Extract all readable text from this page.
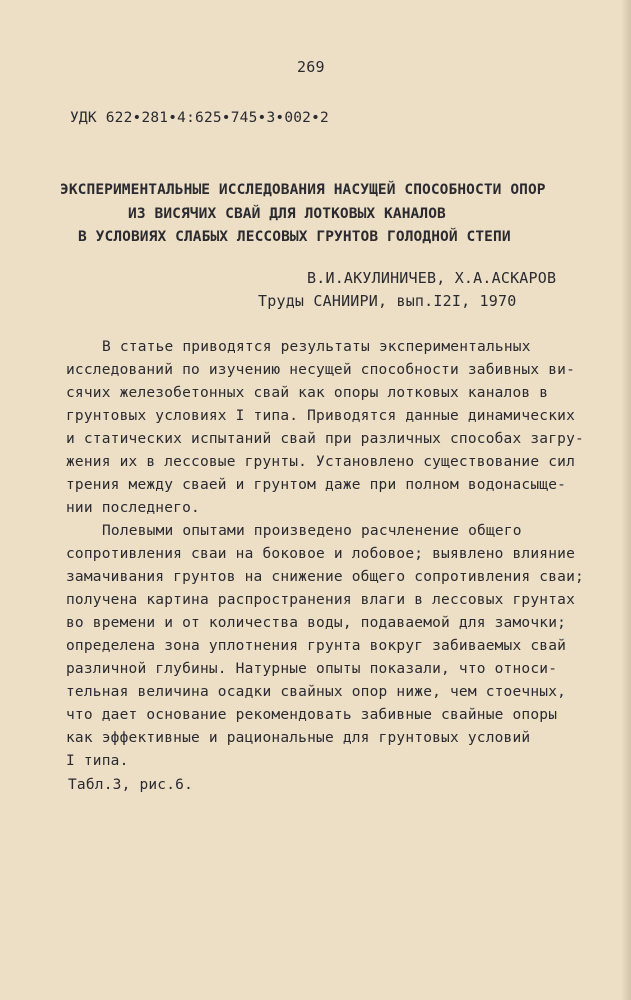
269
УДК 622•281•4:625•745•3•002•2
ЭКСПЕРИМЕНТАЛЬНЫЕ ИССЛЕДОВАНИЯ НАСУЩЕЙ СПОСОБНОСТИ ОПОР
ИЗ ВИСЯЧИХ СВАЙ ДЛЯ ЛОТКОВЫХ КАНАЛОВ
В УСЛОВИЯХ СЛАБЫХ ЛЕССОВЫХ ГРУНТОВ ГОЛОДНОЙ СТЕПИ
В.И.АКУЛИНИЧЕВ, Х.А.АСКАРОВ
Труды САНИИРИ, вып.I2I, 1970
В статье приводятся результаты экспериментальных
исследований по изучению несущей способности забивных ви-
сячих железобетонных свай как опоры лотковых каналов в
грунтовых условиях I типа. Приводятся данные динамических
и статических испытаний свай при различных способах загру-
жения их в лессовые грунты. Установлено существование сил
трения между сваей и грунтом даже при полном водонасыще-
нии последнего.
Полевыми опытами произведено расчленение общего
сопротивления сваи на боковое и лобовое; выявлено влияние
замачивания грунтов на снижение общего сопротивления сваи;
получена картина распространения влаги в лессовых грунтах
во времени и от количества воды, подаваемой для замочки;
определена зона уплотнения грунта вокруг забиваемых свай
различной глубины. Натурные опыты показали, что относи-
тельная величина осадки свайных опор ниже, чем стоечных,
что дает основание рекомендовать забивные свайные опоры
как эффективные и рациональные для грунтовых условий
I типа.
Табл.3, рис.6.
